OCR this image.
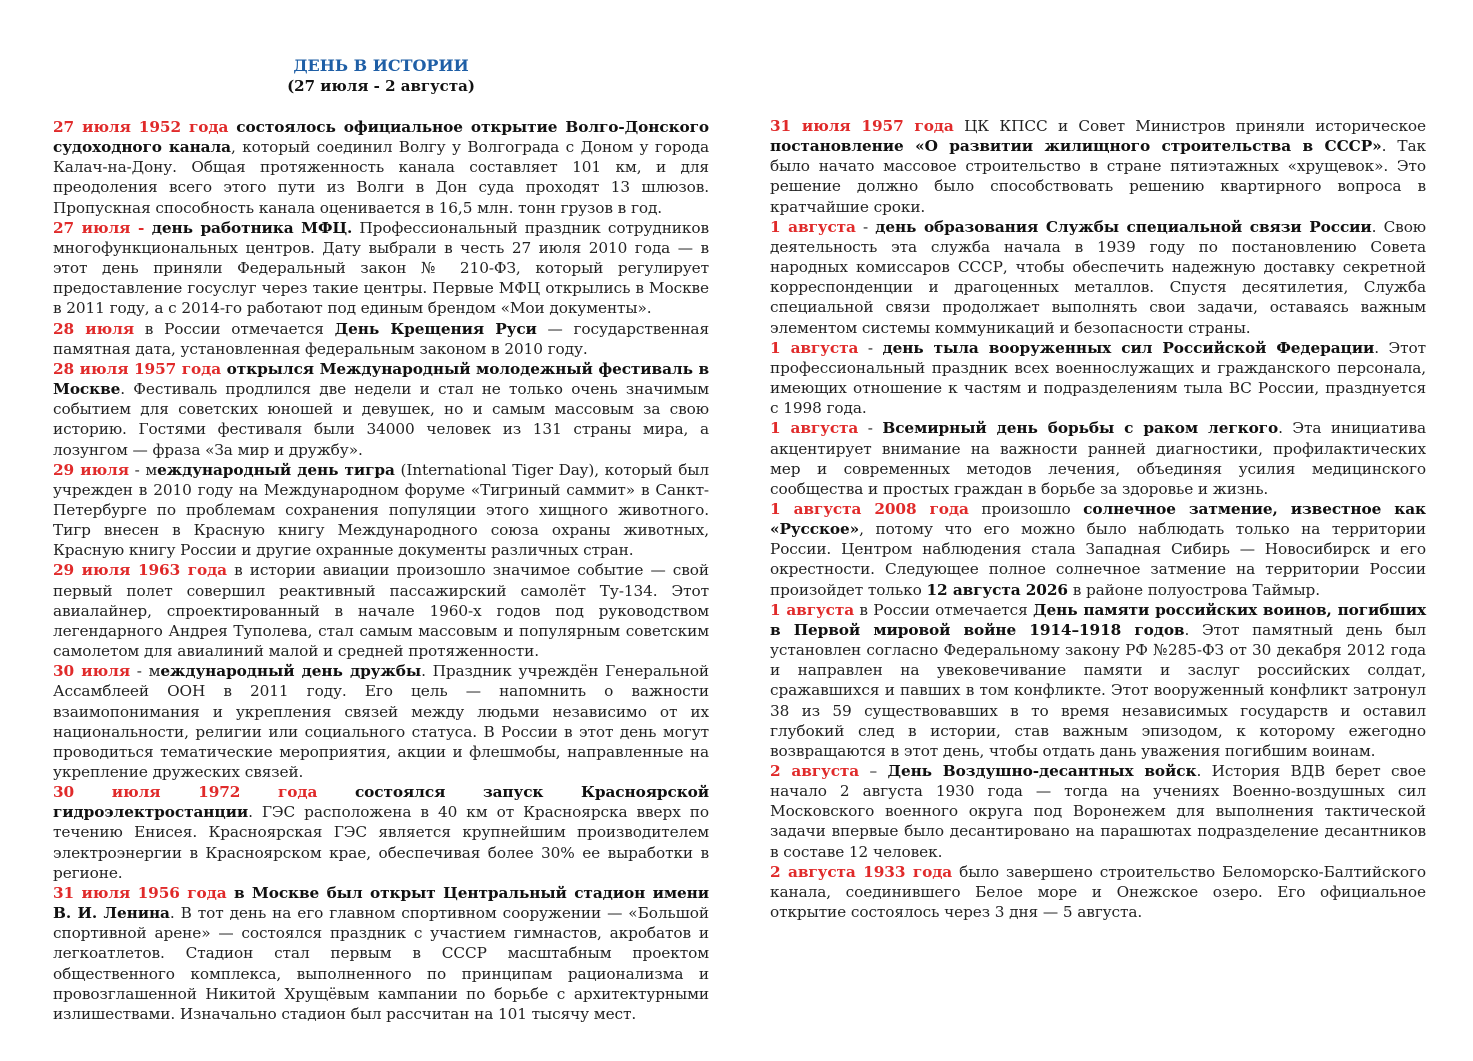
ДЕНЬ В ИСТОРИИ
(27 июля - 2 августа)

27 июля 1952 года состоялось официальное открытие Волго-Донского судоходного канала, который соединил Волгу у Волгограда с Доном у города Калач-на-Дону. Общая протяженность канала составляет 101 км, и для преодоления всего этого пути из Волги в Дон суда проходят 13 шлюзов. Пропускная способность канала оценивается в 16,5 млн. тонн грузов в год.

27 июля - день работника МФЦ. Профессиональный праздник сотрудников многофункциональных центров. Дату выбрали в честь 27 июля 2010 года — в этот день приняли Федеральный закон № 210-ФЗ, который регулирует предоставление госуслуг через такие центры. Первые МФЦ открылись в Москве в 2011 году, а с 2014-го работают под единым брендом «Мои документы».

28 июля в России отмечается День Крещения Руси — государственная памятная дата, установленная федеральным законом в 2010 году.

28 июля 1957 года открылся Международный молодежный фестиваль в Москве. Фестиваль продлился две недели и стал не только очень значимым событием для советских юношей и девушек, но и самым массовым за свою историю. Гостями фестиваля были 34000 человек из 131 страны мира, а лозунгом — фраза «За мир и дружбу».

29 июля - международный день тигра (International Tiger Day), который был учрежден в 2010 году на Международном форуме «Тигриный саммит» в Санкт-Петербурге по проблемам сохранения популяции этого хищного животного. Тигр внесен в Красную книгу Международного союза охраны животных, Красную книгу России и другие охранные документы различных стран.

29 июля 1963 года в истории авиации произошло значимое событие — свой первый полет совершил реактивный пассажирский самолёт Ту-134. Этот авиалайнер, спроектированный в начале 1960-х годов под руководством легендарного Андрея Туполева, стал самым массовым и популярным советским самолетом для авиалиний малой и средней протяженности.

30 июля - международный день дружбы. Праздник учреждён Генеральной Ассамблеей ООН в 2011 году. Его цель — напомнить о важности взаимопонимания и укрепления связей между людьми независимо от их национальности, религии или социального статуса. В России в этот день могут проводиться тематические мероприятия, акции и флешмобы, направленные на укрепление дружеских связей.

30 июля 1972 года состоялся запуск Красноярской гидроэлектростанции. ГЭС расположена в 40 км от Красноярска вверх по течению Енисея. Красноярская ГЭС является крупнейшим производителем электроэнергии в Красноярском крае, обеспечивая более 30% ее выработки в регионе.

31 июля 1956 года в Москве был открыт Центральный стадион имени В. И. Ленина. В тот день на его главном спортивном сооружении — «Большой спортивной арене» — состоялся праздник с участием гимнастов, акробатов и легкоатлетов. Стадион стал первым в СССР масштабным проектом общественного комплекса, выполненного по принципам рационализма и провозглашенной Никитой Хрущёвым кампании по борьбе с архитектурными излишествами. Изначально стадион был рассчитан на 101 тысячу мест.

31 июля 1957 года ЦК КПСС и Совет Министров приняли историческое постановление «О развитии жилищного строительства в СССР». Так было начато массовое строительство в стране пятиэтажных «хрущевок». Это решение должно было способствовать решению квартирного вопроса в кратчайшие сроки.

1 августа - день образования Службы специальной связи России. Свою деятельность эта служба начала в 1939 году по постановлению Совета народных комиссаров СССР, чтобы обеспечить надежную доставку секретной корреспонденции и драгоценных металлов. Спустя десятилетия, Служба специальной связи продолжает выполнять свои задачи, оставаясь важным элементом системы коммуникаций и безопасности страны.

1 августа - день тыла вооруженных сил Российской Федерации. Этот профессиональный праздник всех военнослужащих и гражданского персонала, имеющих отношение к частям и подразделениям тыла ВС России, празднуется с 1998 года.

1 августа - Всемирный день борьбы с раком легкого. Эта инициатива акцентирует внимание на важности ранней диагностики, профилактических мер и современных методов лечения, объединяя усилия медицинского сообщества и простых граждан в борьбе за здоровье и жизнь.

1 августа 2008 года произошло солнечное затмение, известное как «Русское», потому что его можно было наблюдать только на территории России. Центром наблюдения стала Западная Сибирь — Новосибирск и его окрестности. Следующее полное солнечное затмение на территории России произойдет только 12 августа 2026 в районе полуострова Таймыр.

1 августа в России отмечается День памяти российских воинов, погибших в Первой мировой войне 1914–1918 годов. Этот памятный день был установлен согласно Федеральному закону РФ №285-ФЗ от 30 декабря 2012 года и направлен на увековечивание памяти и заслуг российских солдат, сражавшихся и павших в том конфликте. Этот вооруженный конфликт затронул 38 из 59 существовавших в то время независимых государств и оставил глубокий след в истории, став важным эпизодом, к которому ежегодно возвращаются в этот день, чтобы отдать дань уважения погибшим воинам.

2 августа – День Воздушно-десантных войск. История ВДВ берет свое начало 2 августа 1930 года — тогда на учениях Военно-воздушных сил Московского военного округа под Воронежем для выполнения тактической задачи впервые было десантировано на парашютах подразделение десантников в составе 12 человек.

2 августа 1933 года было завершено строительство Беломорско-Балтийского канала, соединившего Белое море и Онежское озеро. Его официальное открытие состоялось через 3 дня — 5 августа.
